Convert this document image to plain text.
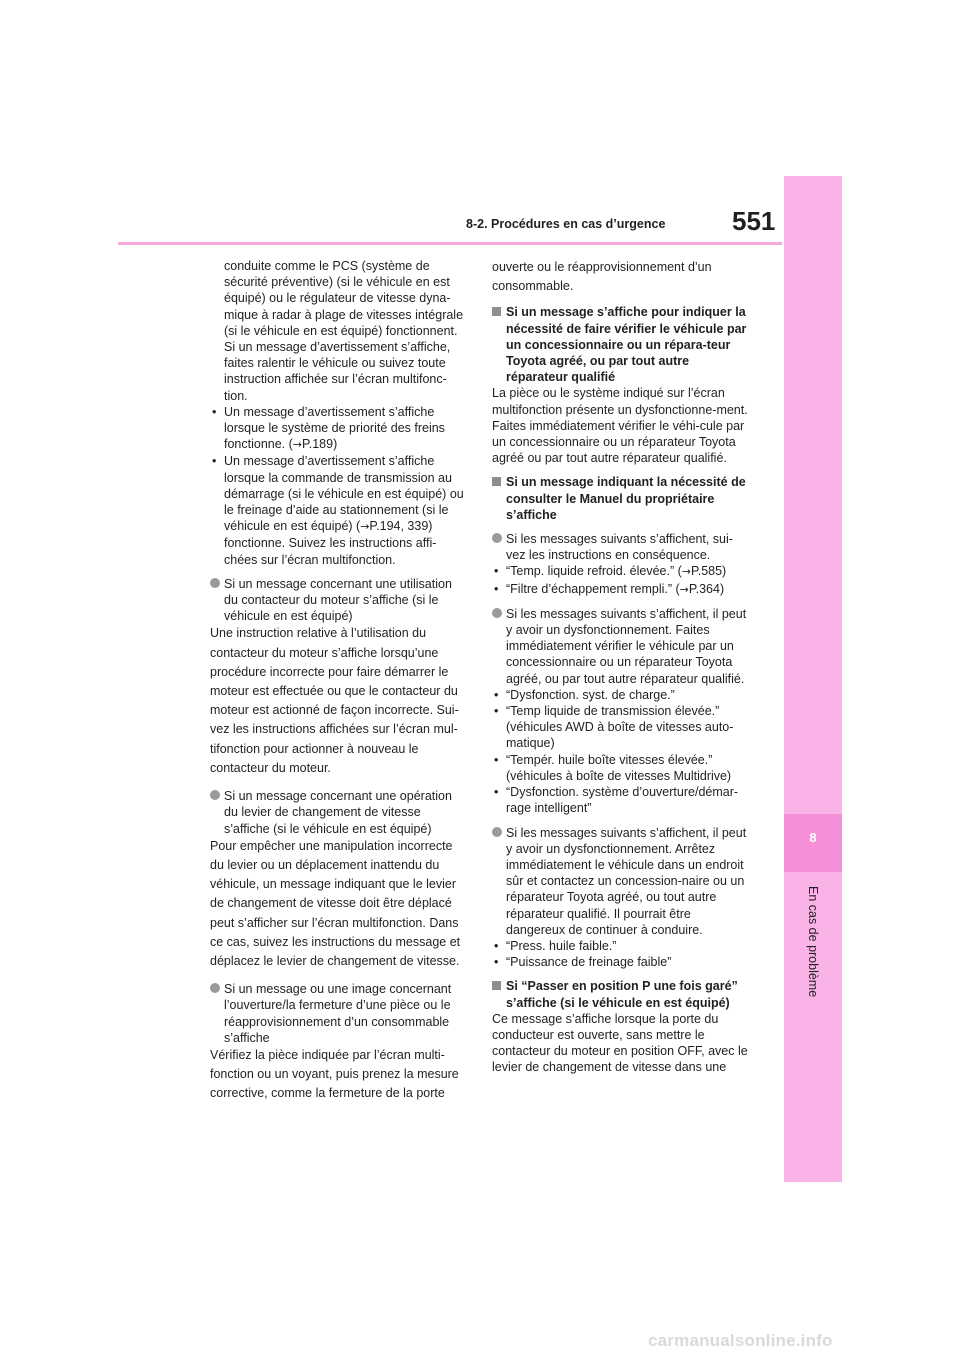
8-2. Procédures en cas d’urgence	551
8
En cas de problème

conduite comme le PCS (système de sécurité préventive) (si le véhicule en est équipé) ou le régulateur de vitesse dyna-mique à radar à plage de vitesses intégrale (si le véhicule en est équipé) fonctionnent. Si un message d’avertissement s’affiche, faites ralentir le véhicule ou suivez toute instruction affichée sur l’écran multifonc-tion.

• Un message d’avertissement s’affiche lorsque le système de priorité des freins fonctionne. (→P.189)

• Un message d’avertissement s’affiche lorsque la commande de transmission au démarrage (si le véhicule en est équipé) ou le freinage d’aide au stationnement (si le véhicule en est équipé) (→P.194, 339) fonctionne. Suivez les instructions affi-chées sur l’écran multifonction.

Si un message concernant une utilisation du contacteur du moteur s’affiche (si le véhicule en est équipé)

Une instruction relative à l’utilisation du contacteur du moteur s’affiche lorsqu’une procédure incorrecte pour faire démarrer le moteur est effectuée ou que le contacteur du moteur est actionné de façon incorrecte. Sui-vez les instructions affichées sur l’écran mul-tifonction pour actionner à nouveau le contacteur du moteur.

Si un message concernant une opération du levier de changement de vitesse s’affiche (si le véhicule en est équipé)

Pour empêcher une manipulation incorrecte du levier ou un déplacement inattendu du véhicule, un message indiquant que le levier de changement de vitesse doit être déplacé peut s’afficher sur l’écran multifonction. Dans ce cas, suivez les instructions du message et déplacez le levier de changement de vitesse.

Si un message ou une image concernant l’ouverture/la fermeture d’une pièce ou le réapprovisionnement d’un consommable s’affiche

Vérifiez la pièce indiquée par l’écran multi-fonction ou un voyant, puis prenez la mesure corrective, comme la fermeture de la porte

ouverte ou le réapprovisionnement d’un consommable.

Si un message s’affiche pour indiquer la nécessité de faire vérifier le véhicule par un concessionnaire ou un répara-teur Toyota agréé, ou par tout autre réparateur qualifié

La pièce ou le système indiqué sur l’écran multifonction présente un dysfonctionne-ment. Faites immédiatement vérifier le véhi-cule par un concessionnaire ou un réparateur Toyota agréé ou par tout autre réparateur qualifié.

Si un message indiquant la nécessité de consulter le Manuel du propriétaire s’affiche
Si les messages suivants s’affichent, sui-vez les instructions en conséquence.

• “Temp. liquide refroid. élevée.” (→P.585)

• “Filtre d’échappement rempli.” (→P.364)

Si les messages suivants s’affichent, il peut y avoir un dysfonctionnement. Faites immédiatement vérifier le véhicule par un concessionnaire ou un réparateur Toyota agréé, ou par tout autre réparateur qualifié.

• “Dysfonction. syst. de charge.”

• “Temp liquide de transmission élevée.” (véhicules AWD à boîte de vitesses auto-matique)

• “Tempér. huile boîte vitesses élevée.” (véhicules à boîte de vitesses Multidrive)

• “Dysfonction. système d’ouverture/démar-rage intelligent”

Si les messages suivants s’affichent, il peut y avoir un dysfonctionnement. Arrêtez immédiatement le véhicule dans un endroit sûr et contactez un concession-naire ou un réparateur Toyota agréé, ou tout autre réparateur qualifié. Il pourrait être dangereux de continuer à conduire.

• “Press. huile faible.”

• “Puissance de freinage faible”

Si “Passer en position P une fois garé” s’affiche (si le véhicule en est équipé)

Ce message s’affiche lorsque la porte du conducteur est ouverte, sans mettre le contacteur du moteur en position OFF, avec le levier de changement de vitesse dans une

carmanualsonline.info
